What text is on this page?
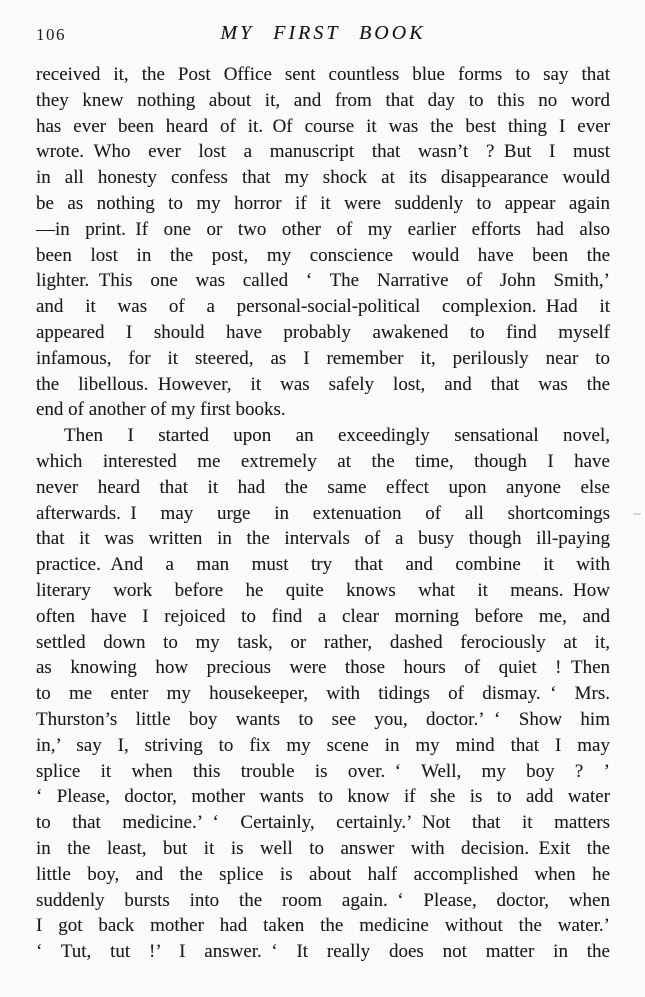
106	MY FIRST BOOK
received it, the Post Office sent countless blue forms to say that
they knew nothing about it, and from that day to this no word
has ever been heard of it. Of course it was the best thing I ever
wrote. Who ever lost a manuscript that wasn’t ? But I must
in all honesty confess that my shock at its disappearance would
be as nothing to my horror if it were suddenly to appear again
—in print. If one or two other of my earlier efforts had also
been lost in the post, my conscience would have been the
lighter. This one was called ‘ The Narrative of John Smith,’
and it was of a personal-social-political complexion. Had it
appeared I should have probably awakened to find myself
infamous, for it steered, as I remember it, perilously near to
the libellous. However, it was safely lost, and that was the
end of another of my first books.
Then I started upon an exceedingly sensational novel,
which interested me extremely at the time, though I have
never heard that it had the same effect upon anyone else
afterwards. I may urge in extenuation of all shortcomings
that it was written in the intervals of a busy though ill-paying
practice. And a man must try that and combine it with
literary work before he quite knows what it means. How
often have I rejoiced to find a clear morning before me, and
settled down to my task, or rather, dashed ferociously at it,
as knowing how precious were those hours of quiet ! Then
to me enter my housekeeper, with tidings of dismay. ‘ Mrs.
Thurston’s little boy wants to see you, doctor.’ ‘ Show him
in,’ say I, striving to fix my scene in my mind that I may
splice it when this trouble is over. ‘ Well, my boy ? ’
‘ Please, doctor, mother wants to know if she is to add water
to that medicine.’ ‘ Certainly, certainly.’ Not that it matters
in the least, but it is well to answer with decision. Exit the
little boy, and the splice is about half accomplished when he
suddenly bursts into the room again. ‘ Please, doctor, when
I got back mother had taken the medicine without the water.’
‘ Tut, tut !’ I answer. ‘ It really does not matter in the
